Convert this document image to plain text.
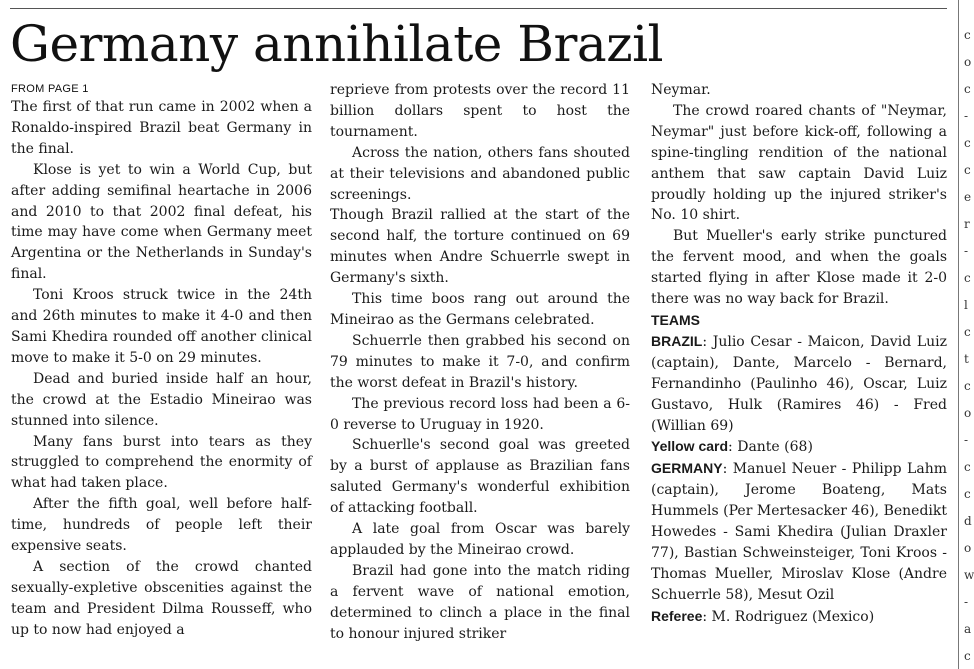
Germany annihilate Brazil
FROM PAGE 1

The first of that run came in 2002 when a Ronaldo-inspired Brazil beat Germany in the final.

Klose is yet to win a World Cup, but after adding semifinal heartache in 2006 and 2010 to that 2002 final defeat, his time may have come when Germany meet Argentina or the Netherlands in Sunday's final.

Toni Kroos struck twice in the 24th and 26th minutes to make it 4-0 and then Sami Khedira rounded off another clinical move to make it 5-0 on 29 minutes.

Dead and buried inside half an hour, the crowd at the Estadio Mineirao was stunned into silence.

Many fans burst into tears as they struggled to comprehend the enormity of what had taken place.

After the fifth goal, well before half-time, hundreds of people left their expensive seats.

A section of the crowd chanted sexually-expletive obscenities against the team and President Dilma Rousseff, who up to now had enjoyed a

reprieve from protests over the record 11 billion dollars spent to host the tournament.

Across the nation, others fans shouted at their televisions and abandoned public screenings.

Though Brazil rallied at the start of the second half, the torture continued on 69 minutes when Andre Schuerrle swept in Germany's sixth.

This time boos rang out around the Mineirao as the Germans celebrated.

Schuerrle then grabbed his second on 79 minutes to make it 7-0, and confirm the worst defeat in Brazil's history.

The previous record loss had been a 6-0 reverse to Uruguay in 1920.

Schuerlle's second goal was greeted by a burst of applause as Brazilian fans saluted Germany's wonderful exhibition of attacking football.

A late goal from Oscar was barely applauded by the Mineirao crowd.

Brazil had gone into the match riding a fervent wave of national emotion, determined to clinch a place in the final to honour injured striker

Neymar.

The crowd roared chants of "Neymar, Neymar" just before kick-off, following a spine-tingling rendition of the national anthem that saw captain David Luiz proudly holding up the injured striker's No. 10 shirt.

But Mueller's early strike punctured the fervent mood, and when the goals started flying in after Klose made it 2-0 there was no way back for Brazil.

TEAMS

BRAZIL: Julio Cesar - Maicon, David Luiz (captain), Dante, Marcelo - Bernard, Fernandinho (Paulinho 46), Oscar, Luiz Gustavo, Hulk (Ramires 46) - Fred (Willian 69)

Yellow card: Dante (68)

GERMANY: Manuel Neuer - Philipp Lahm (captain), Jerome Boateng, Mats Hummels (Per Mertesacker 46), Benedikt Howedes - Sami Khedira (Julian Draxler 77), Bastian Schweinsteiger, Toni Kroos - Thomas Mueller, Miroslav Klose (Andre Schuerrle 58), Mesut Ozil

Referee: M. Rodriguez (Mexico)

c
o
c
-
c
c
e
r
-
c
l
c
t
c
o
-
c
c
d
o
w
-
a
c
